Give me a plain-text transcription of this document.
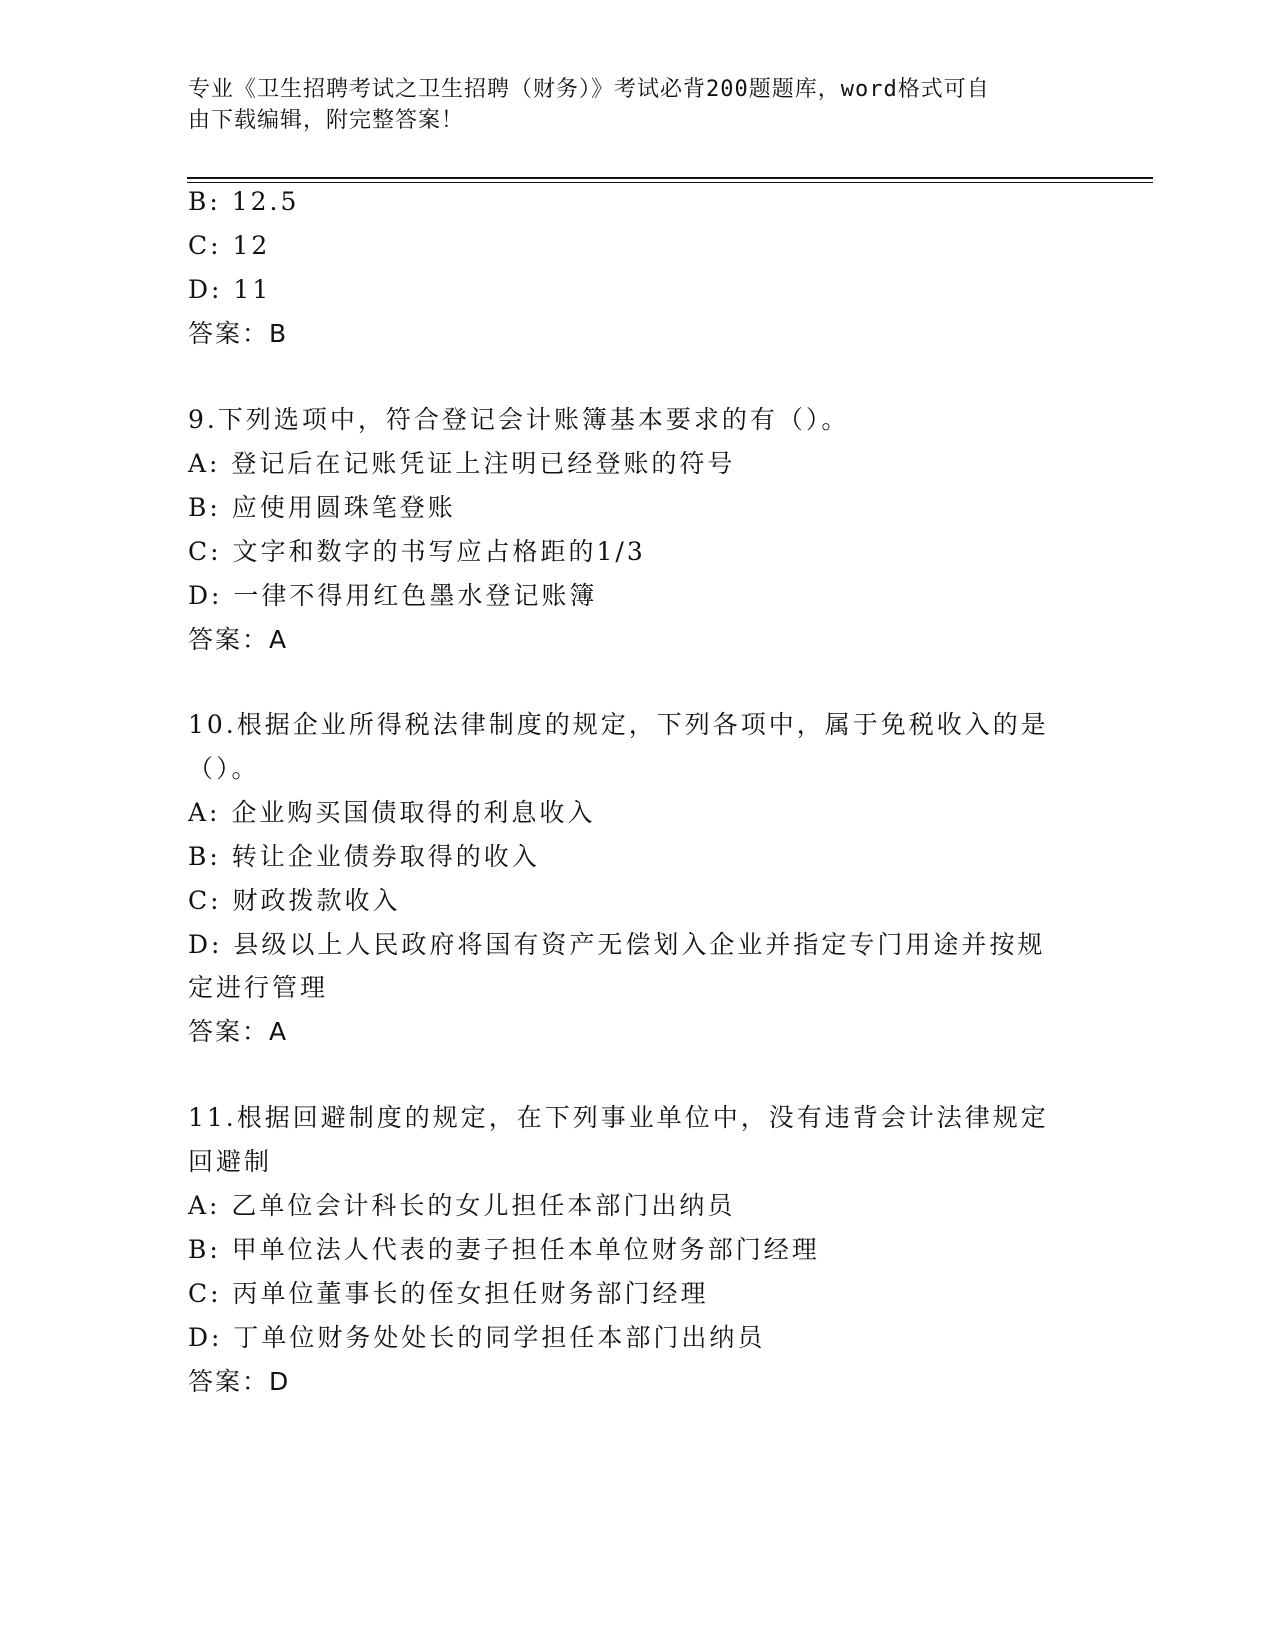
专业《卫生招聘考试之卫生招聘（财务）》考试必背200题题库，word格式可自
由下载编辑，附完整答案！
B: 12.5
C: 12
D: 11
答案：B
9.下列选项中，符合登记会计账簿基本要求的有（）。
A: 登记后在记账凭证上注明已经登账的符号
B: 应使用圆珠笔登账
C: 文字和数字的书写应占格距的1/3
D: 一律不得用红色墨水登记账簿
答案：A
10.根据企业所得税法律制度的规定，下列各项中，属于免税收入的是
（）。
A: 企业购买国债取得的利息收入
B: 转让企业债券取得的收入
C: 财政拨款收入
D: 县级以上人民政府将国有资产无偿划入企业并指定专门用途并按规
定进行管理
答案：A
11.根据回避制度的规定，在下列事业单位中，没有违背会计法律规定
回避制
A: 乙单位会计科长的女儿担任本部门出纳员
B: 甲单位法人代表的妻子担任本单位财务部门经理
C: 丙单位董事长的侄女担任财务部门经理
D: 丁单位财务处处长的同学担任本部门出纳员
答案：D
